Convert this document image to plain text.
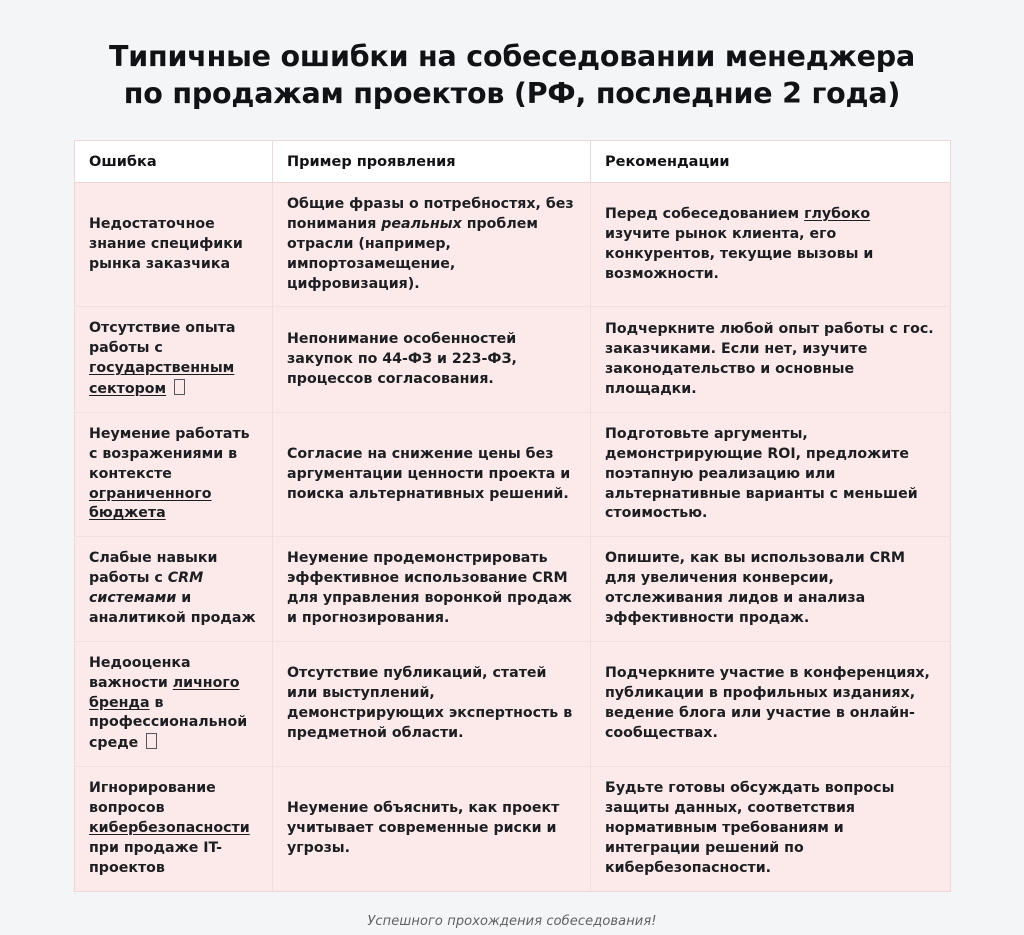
Типичные ошибки на собеседовании менеджера по продажам проектов (РФ, последние 2 года)
Ошибка	Пример проявления	Рекомендации
Недостаточное знание специфики рынка заказчика	Общие фразы о потребностях, без понимания реальных проблем отрасли (например, импортозамещение, цифровизация).	Перед собеседованием глубоко изучите рынок клиента, его конкурентов, текущие вызовы и возможности.
Отсутствие опыта работы с государственным сектором	Непонимание особенностей закупок по 44-ФЗ и 223-ФЗ, процессов согласования.	Подчеркните любой опыт работы с гос. заказчиками. Если нет, изучите законодательство и основные площадки.
Неумение работать с возражениями в контексте ограниченного бюджета	Согласие на снижение цены без аргументации ценности проекта и поиска альтернативных решений.	Подготовьте аргументы, демонстрирующие ROI, предложите поэтапную реализацию или альтернативные варианты с меньшей стоимостью.
Слабые навыки работы с CRM системами и аналитикой продаж	Неумение продемонстрировать эффективное использование CRM для управления воронкой продаж и прогнозирования.	Опишите, как вы использовали CRM для увеличения конверсии, отслеживания лидов и анализа эффективности продаж.
Недооценка важности личного бренда в профессиональной среде	Отсутствие публикаций, статей или выступлений, демонстрирующих экспертность в предметной области.	Подчеркните участие в конференциях, публикации в профильных изданиях, ведение блога или участие в онлайн-сообществах.
Игнорирование вопросов кибербезопасности при продаже IT-проектов	Неумение объяснить, как проект учитывает современные риски и угрозы.	Будьте готовы обсуждать вопросы защиты данных, соответствия нормативным требованиям и интеграции решений по кибербезопасности.
Успешного прохождения собеседования!
